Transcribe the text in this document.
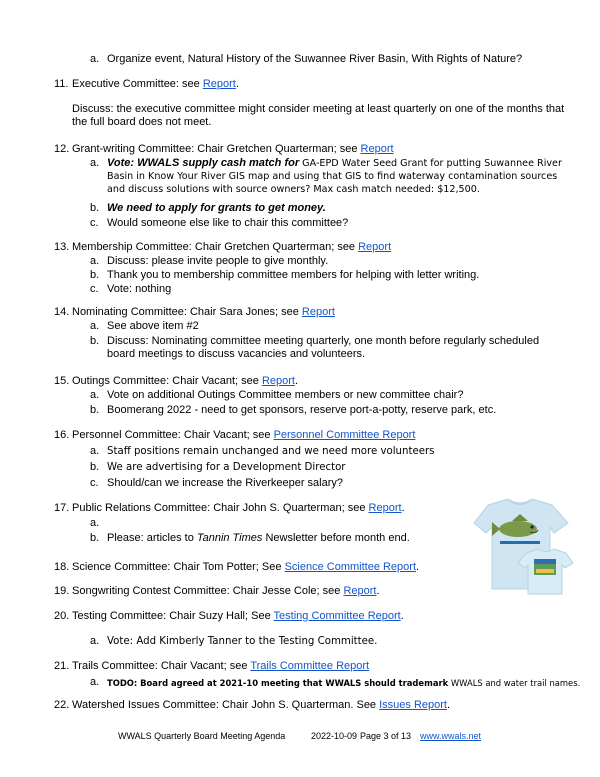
a. Organize event, Natural History of the Suwannee River Basin, With Rights of Nature?
11. Executive Committee: see Report.
Discuss: the executive committee might consider meeting at least quarterly on one of the months that the full board does not meet.
12. Grant-writing Committee: Chair Gretchen Quarterman; see Report
a. Vote: WWALS supply cash match for GA-EPD Water Seed Grant for putting Suwannee River Basin in Know Your River GIS map and using that GIS to find waterway contamination sources and discuss solutions with source owners? Max cash match needed: $12,500.
b. We need to apply for grants to get money.
c. Would someone else like to chair this committee?
13. Membership Committee: Chair Gretchen Quarterman; see Report
a. Discuss: please invite people to give monthly.
b. Thank you to membership committee members for helping with letter writing.
c. Vote: nothing
14. Nominating Committee: Chair Sara Jones; see Report
a. See above item #2
b. Discuss: Nominating committee meeting quarterly, one month before regularly scheduled board meetings to discuss vacancies and volunteers.
15. Outings Committee: Chair Vacant; see Report.
a. Vote on additional Outings Committee members or new committee chair?
b. Boomerang 2022 - need to get sponsors, reserve port-a-potty, reserve park, etc.
16. Personnel Committee: Chair Vacant; see Personnel Committee Report
a. Staff positions remain unchanged and we need more volunteers
b. We are advertising for a Development Director
c. Should/can we increase the Riverkeeper salary?
17. Public Relations Committee: Chair John S. Quarterman; see Report.
a.
b. Please: articles to Tannin Times Newsletter before month end.
18. Science Committee: Chair Tom Potter; See Science Committee Report.
19. Songwriting Contest Committee: Chair Jesse Cole; see Report.
20. Testing Committee: Chair Suzy Hall; See Testing Committee Report.
a. Vote: Add Kimberly Tanner to the Testing Committee.
21. Trails Committee: Chair Vacant; see Trails Committee Report
a. TODO: Board agreed at 2021-10 meeting that WWALS should trademark WWALS and water trail names.
22. Watershed Issues Committee: Chair John S. Quarterman. See Issues Report.
WWALS Quarterly Board Meeting Agenda	2022-10-09 Page 3 of 13 www.wwals.net
